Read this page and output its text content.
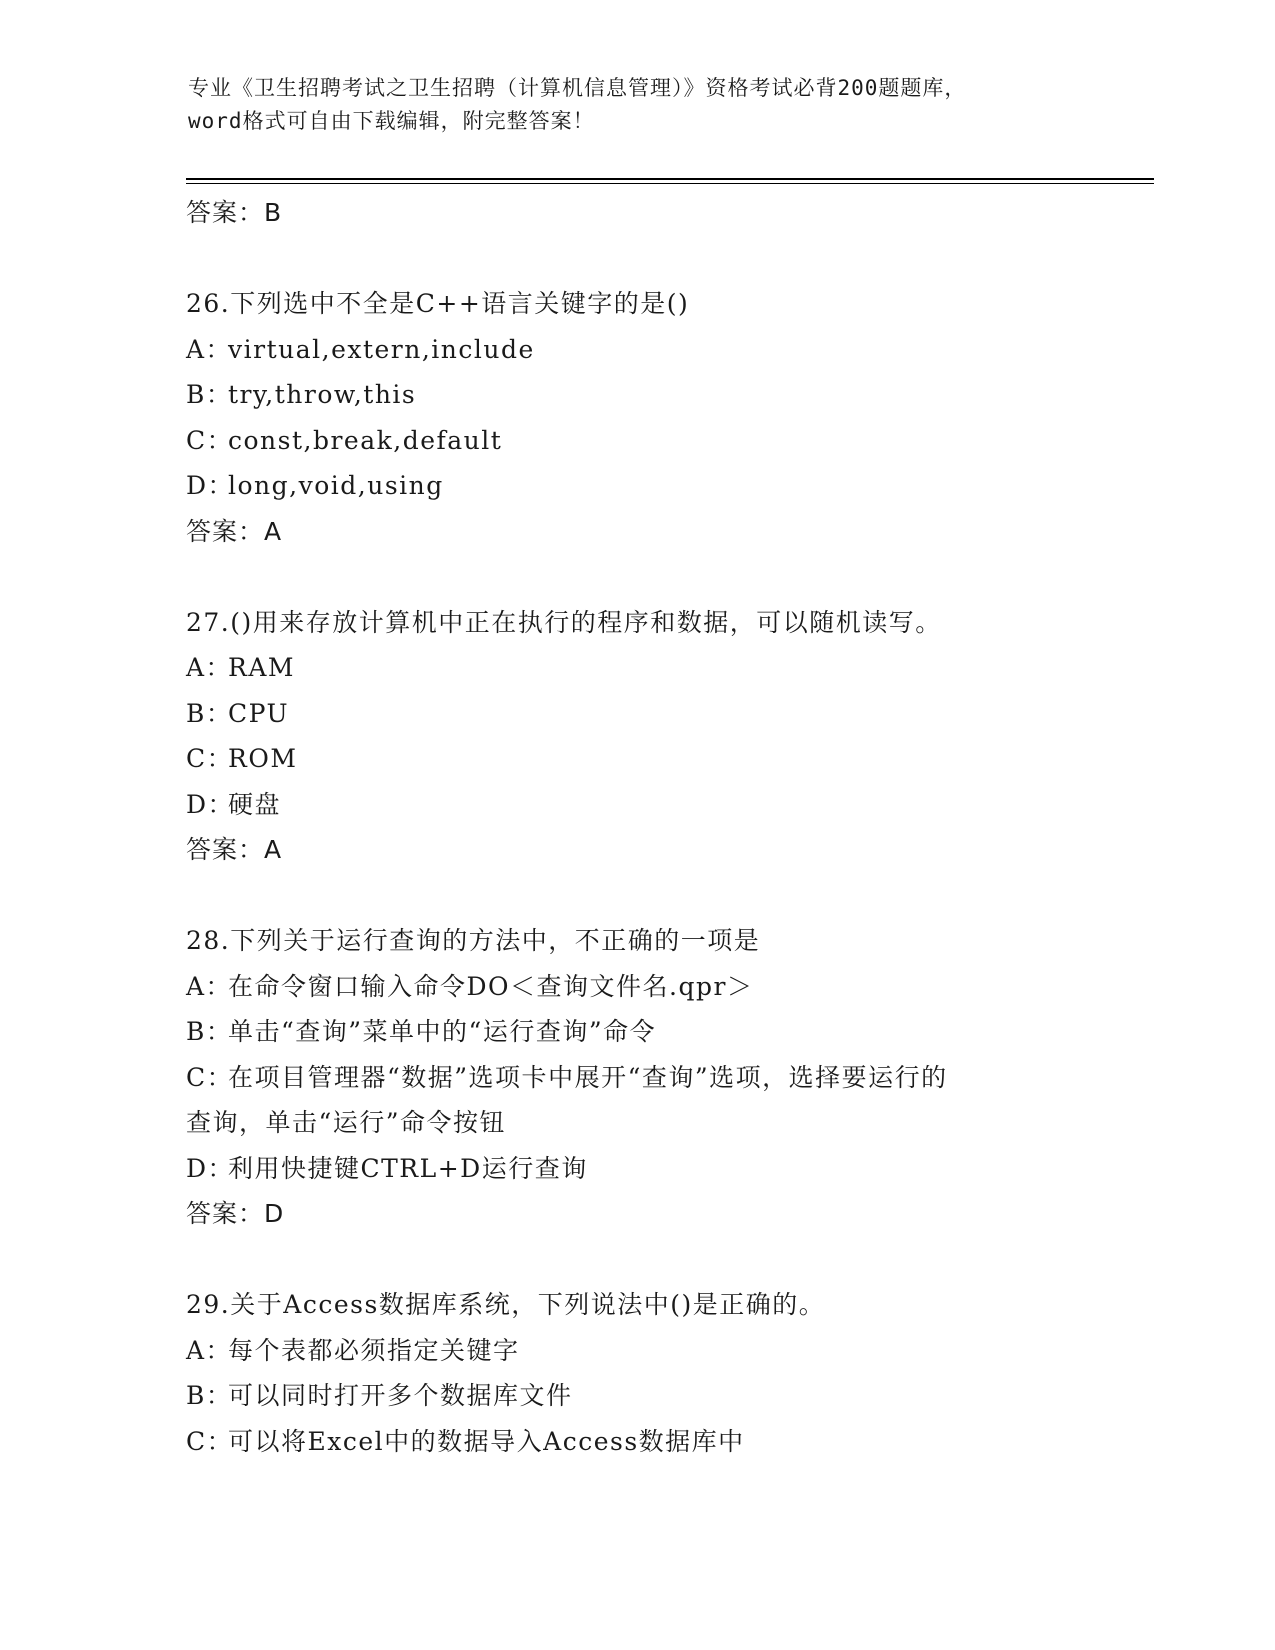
专业《卫生招聘考试之卫生招聘（计算机信息管理）》资格考试必背200题题库，
word格式可自由下载编辑，附完整答案！
答案：B
26.下列选中不全是C++语言关键字的是()
A：virtual,extern,include
B：try,throw,this
C：const,break,default
D：long,void,using
答案：A
27.()用来存放计算机中正在执行的程序和数据，可以随机读写。
A：RAM
B：CPU
C：ROM
D：硬盘
答案：A
28.下列关于运行查询的方法中，不正确的一项是
A：在命令窗口输入命令DO＜查询文件名.qpr＞
B：单击“查询”菜单中的“运行查询”命令
C：在项目管理器“数据”选项卡中展开“查询”选项，选择要运行的
查询，单击“运行”命令按钮
D：利用快捷键CTRL+D运行查询
答案：D
29.关于Access数据库系统，下列说法中()是正确的。
A：每个表都必须指定关键字
B：可以同时打开多个数据库文件
C：可以将Excel中的数据导入Access数据库中
